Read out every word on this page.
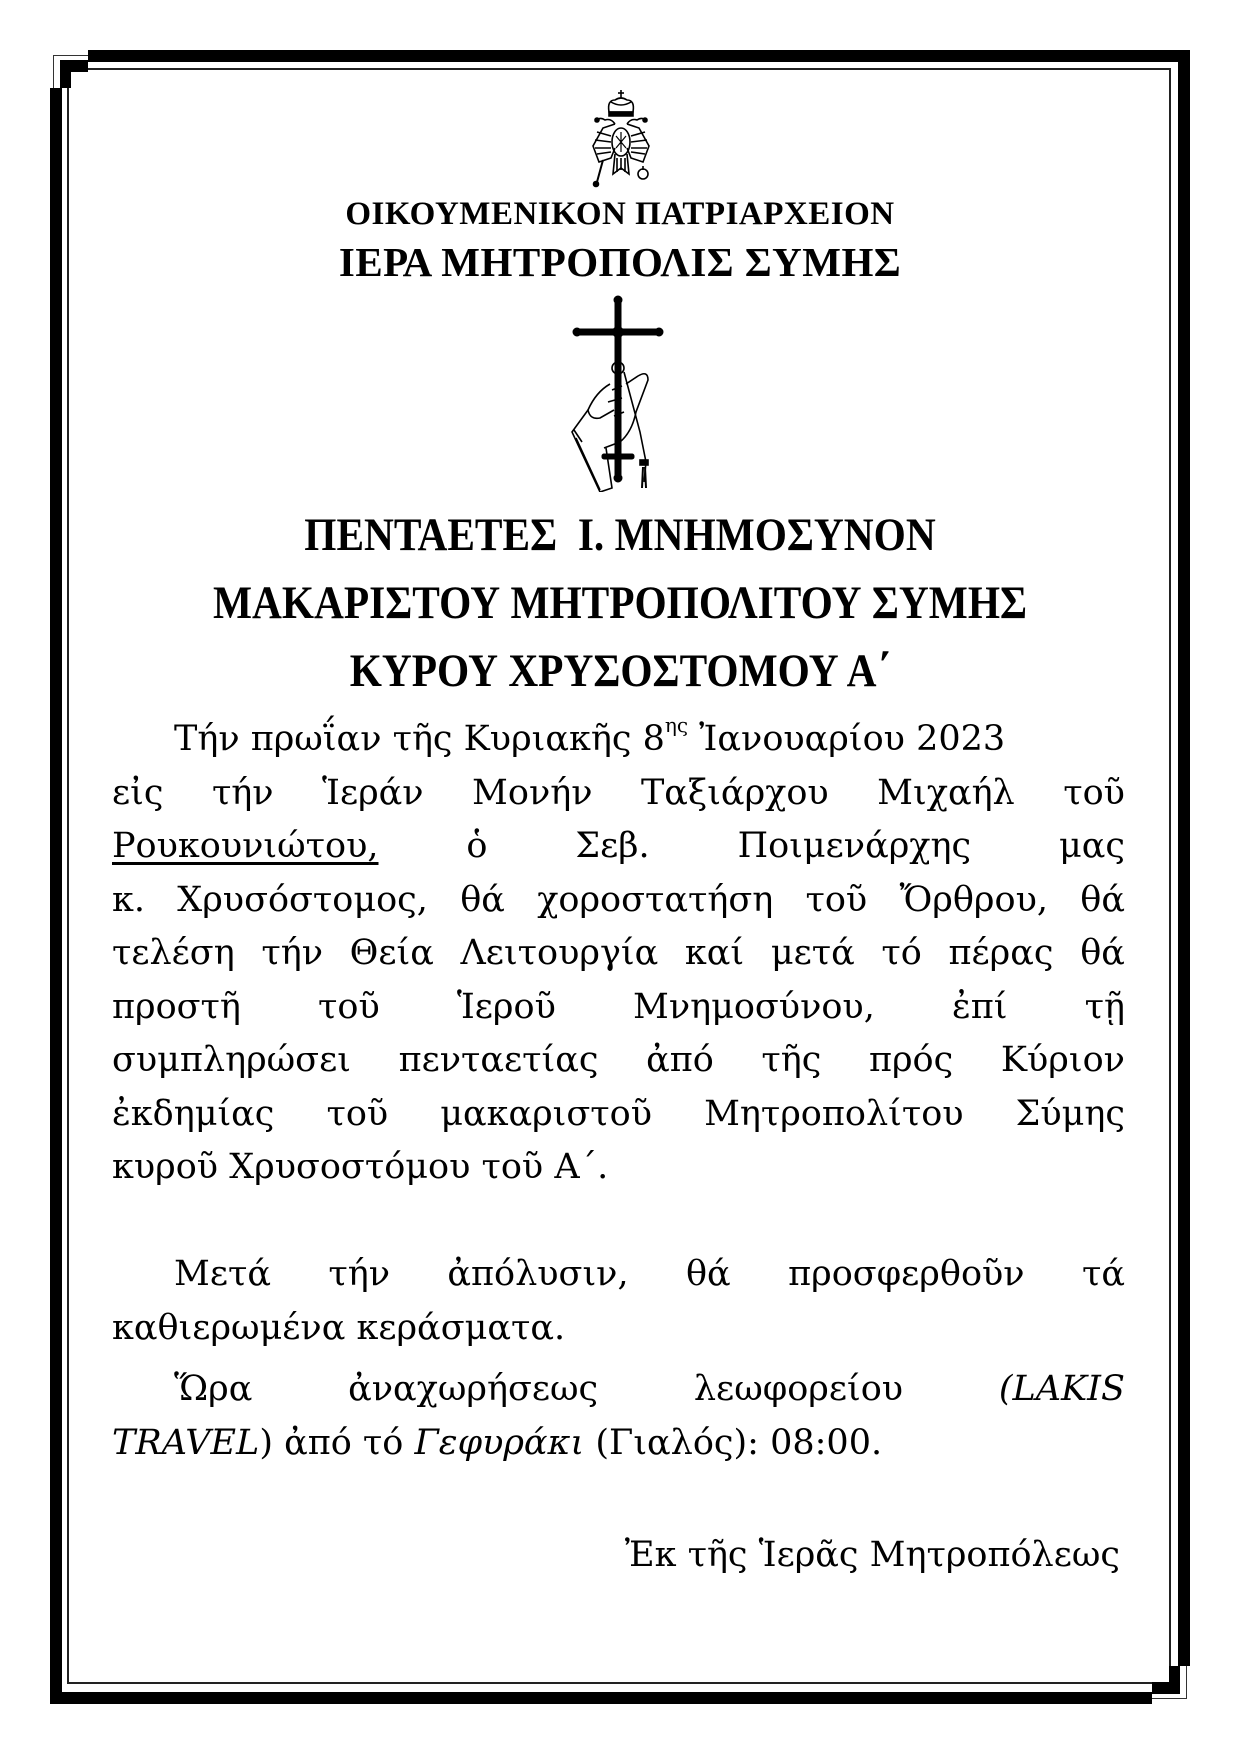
ΟΙΚΟΥΜΕΝΙΚΟΝ ΠΑΤΡΙΑΡΧΕΙΟΝ
ΙΕΡΑ ΜΗΤΡΟΠΟΛΙΣ ΣΥΜΗΣ
ΠΕΝΤΑΕΤΕΣ  Ι. ΜΝΗΜΟΣΥΝΟΝ
ΜΑΚΑΡΙΣΤΟΥ ΜΗΤΡΟΠΟΛΙΤΟΥ ΣΥΜΗΣ
ΚΥΡΟΥ ΧΡΥΣΟΣΤΟΜΟΥ Α΄
Τήν πρωΐαν τῆς Κυριακῆς $8^{\eta\varsigma}$ Ἰανουαρίου 2023
εἰς τήν Ἱεράν Μονήν Ταξιάρχου Μιχαήλ τοῦ
Ρουκουνιώτου,	ὁ	Σεβ.	Ποιμενάρχης	μας
κ. Χρυσόστομος, θά χοροστατήση τοῦ Ὄρθρου, θά
τελέση τήν Θεία Λειτουργία καί μετά τό πέρας θά
προστῆ τοῦ Ἱεροῦ Μνημοσύνου, ἐπί τῇ
συμπληρώσει πενταετίας ἀπό τῆς πρός Κύριον
ἐκδημίας τοῦ μακαριστοῦ Μητροπολίτου Σύμης
κυροῦ Χρυσοστόμου τοῦ Α΄.
Μετά τήν ἀπόλυσιν, θά προσφερθοῦν τά
καθιερωμένα κεράσματα.
Ὥρα	ἀναχωρήσεως	λεωφορείου	(LAKIS
TRAVEL) ἀπό τό Γεφυράκι (Γιαλός): 08:00.
Ἐκ τῆς Ἱερᾶς Μητροπόλεως
